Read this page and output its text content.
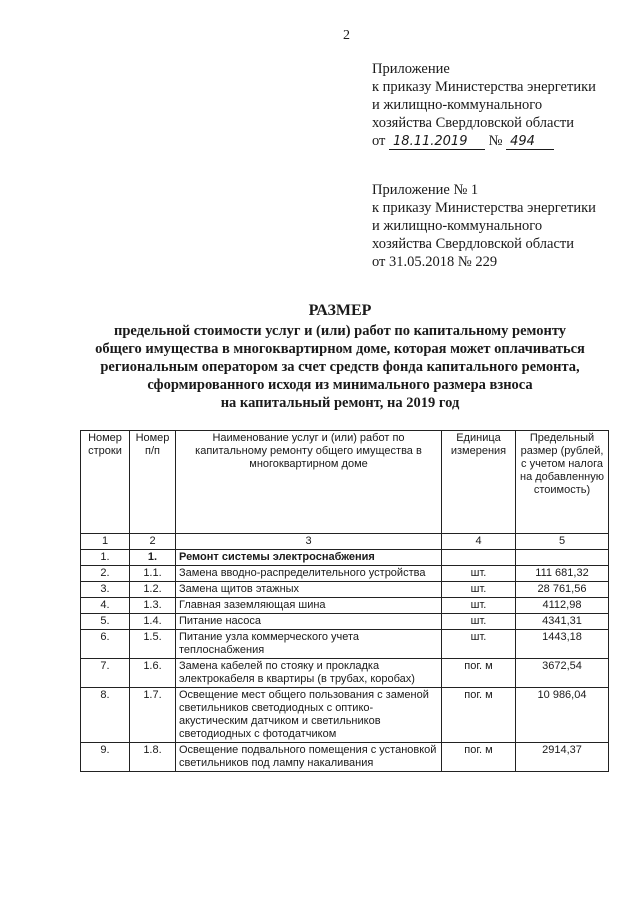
2
Приложение
к приказу Министерства энергетики
и жилищно-коммунального
хозяйства Свердловской области
от 18.11.2019 № 494
Приложение № 1
к приказу Министерства энергетики
и жилищно-коммунального
хозяйства Свердловской области
от 31.05.2018 № 229
РАЗМЕР
предельной стоимости услуг и (или) работ по капитальному ремонту
общего имущества в многоквартирном доме, которая может оплачиваться
региональным оператором за счет средств фонда капитального ремонта,
сформированного исходя из минимального размера взноса
на капитальный ремонт, на 2019 год
Номер строки	Номер п/п	Наименование услуг и (или) работ по капитальному ремонту общего имущества в многоквартирном доме	Единица измерения	Предельный размер (рублей, с учетом налога на добавленную стоимость)
1	2	3	4	5
1.	1.	Ремонт системы электроснабжения		
2.	1.1.	Замена вводно-распределительного устройства	шт.	111 681,32
3.	1.2.	Замена щитов этажных	шт.	28 761,56
4.	1.3.	Главная заземляющая шина	шт.	4112,98
5.	1.4.	Питание насоса	шт.	4341,31
6.	1.5.	Питание узла коммерческого учета теплоснабжения	шт.	1443,18
7.	1.6.	Замена кабелей по стояку и прокладка электрокабеля в квартиры (в трубах, коробах)	пог. м	3672,54
8.	1.7.	Освещение мест общего пользования с заменой светильников светодиодных с оптико-акустическим датчиком и светильников светодиодных с фотодатчиком	пог. м	10 986,04
9.	1.8.	Освещение подвального помещения с установкой светильников под лампу накаливания	пог. м	2914,37
